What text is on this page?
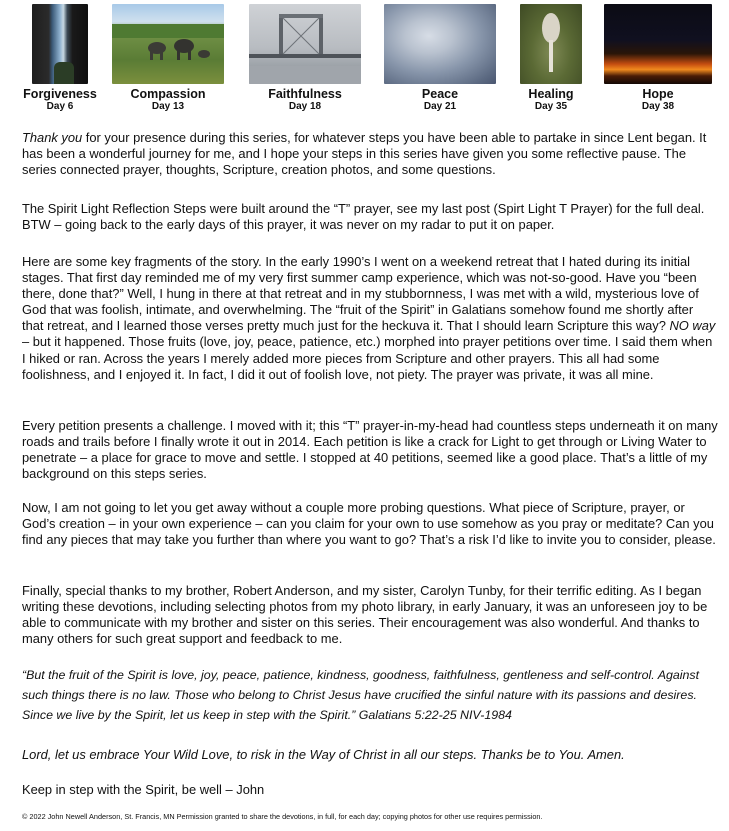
Forgiveness
Day 6
Compassion
Day 13
Faithfulness
Day 18
Peace
Day 21
Healing
Day 35
Hope
Day 38

Thank you for your presence during this series, for whatever steps you have been able to partake in since Lent began. It has been a wonderful journey for me, and I hope your steps in this series have given you some reflective pause. The series connected prayer, thoughts, Scripture, creation photos, and some questions.

The Spirit Light Reflection Steps were built around the “T” prayer, see my last post (Spirt Light T Prayer) for the full deal. BTW – going back to the early days of this prayer, it was never on my radar to put it on paper.

Here are some key fragments of the story. In the early 1990’s I went on a weekend retreat that I hated during its initial stages. That first day reminded me of my very first summer camp experience, which was not-so-good. Have you “been there, done that?” Well, I hung in there at that retreat and in my stubbornness, I was met with a wild, mysterious love of God that was foolish, intimate, and overwhelming. The “fruit of the Spirit” in Galatians somehow found me shortly after that retreat, and I learned those verses pretty much just for the heckuva it. That I should learn Scripture this way? NO way – but it happened. Those fruits (love, joy, peace, patience, etc.) morphed into prayer petitions over time. I said them when I hiked or ran. Across the years I merely added more pieces from Scripture and other prayers. This all had some foolishness, and I enjoyed it. In fact, I did it out of foolish love, not piety. The prayer was private, it was all mine.

Every petition presents a challenge. I moved with it; this “T” prayer-in-my-head had countless steps underneath it on many roads and trails before I finally wrote it out in 2014. Each petition is like a crack for Light to get through or Living Water to penetrate – a place for grace to move and settle. I stopped at 40 petitions, seemed like a good place. That’s a little of my background on this steps series.

Now, I am not going to let you get away without a couple more probing questions. What piece of Scripture, prayer, or God’s creation – in your own experience – can you claim for your own to use somehow as you pray or meditate? Can you find any pieces that may take you further than where you want to go? That’s a risk I’d like to invite you to consider, please.

Finally, special thanks to my brother, Robert Anderson, and my sister, Carolyn Tunby, for their terrific editing. As I began writing these devotions, including selecting photos from my photo library, in early January, it was an unforeseen joy to be able to communicate with my brother and sister on this series. Their encouragement was also wonderful. And thanks to many others for such great support and feedback to me.

“But the fruit of the Spirit is love, joy, peace, patience, kindness, goodness, faithfulness, gentleness and self-control. Against such things there is no law. Those who belong to Christ Jesus have crucified the sinful nature with its passions and desires. Since we live by the Spirit, let us keep in step with the Spirit.” Galatians 5:22-25 NIV-1984

Lord, let us embrace Your Wild Love, to risk in the Way of Christ in all our steps. Thanks be to You. Amen.

Keep in step with the Spirit, be well – John

© 2022 John Newell Anderson, St. Francis, MN Permission granted to share the devotions, in full, for each day; copying photos for other use requires permission.
